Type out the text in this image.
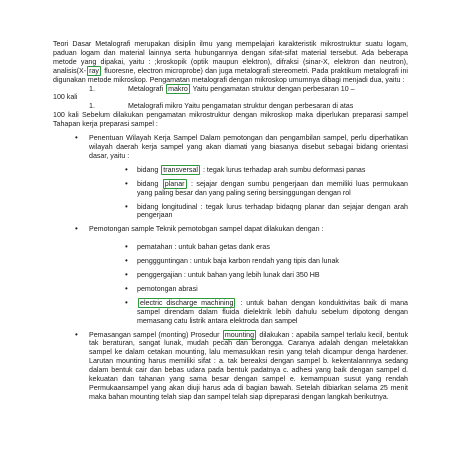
Teori Dasar Metalografi merupakan disiplin ilmu yang mempelajari karakteristik mikrostruktur suatu logam, paduan logam dan material lainnya serta hubungannya dengan sifat-sifat material tersebut. Ada beberapa metode yang dipakai, yaitu : ;kroskopik (optik maupun elektron), difraksi (sinar-X, elektron dan neutron), analisis(X- ray fluoresne, electron microprobe) dan juga metalografi stereometri. Pada praktikum metalografi ini digunakan metode mikroskop. Pengamatan metalografi dengan mikroskop umumnya dibagi menjadi dua, yaitu :

1.	Metalografi makro Yaitu pengamatan struktur dengan perbesaran 10 –

100 kali

1.	Metalografi mikro Yaitu pengamatan struktur dengan perbesaran di atas

100 kali Sebelum dilakukan pengamatan mikrostruktur dengan mikroskop maka diperlukan preparasi sampel Tahapan kerja preparasi sampel :

• Penentuan Wilayah Kerja Sampel Dalam pemotongan dan pengambilan sampel, perlu diperhatikan wilayah daerah kerja sampel yang akan diamati yang biasanya disebut sebagai bidang orientasi dasar, yaitu :

• bidang transversal : tegak lurus terhadap arah sumbu deformasi panas

• bidang planar : sejajar dengan sumbu pengerjaan dan memiliki luas permukaan yang paling besar dan yang paling sering bersinggungan dengan rol

• bidang longitudinal : tegak lurus terhadap bidaqng planar dan sejajar dengan arah pengerjaan

• Pemotongan sample Teknik pemotobgan sampel dapat dilakukan dengan :

• pematahan : untuk bahan getas dank eras

• penggguntingan : untuk baja karbon rendah yang tipis dan lunak

• penggergajian : untuk bahan yang lebih lunak dari 350 HB

• pemotongan abrasi

• electric discharge machining : untuk bahan dengan konduktivitas baik di mana sampel direndam dalam fluida dielektrik lebih dahulu sebelum dipotong dengan memasang catu listrik antara elektroda dan sampel

• Pemasangan sampel (monting) Prosedur mounting dilakukan : apabila sampel terlalu kecil, bentuk tak beraturan, sangat lunak, mudah pecah dan berongga. Caranya adalah dengan meletakkan sampel ke dalam cetakan mounting, lalu memasukkan resin yang telah dicampur denga hardener. Larutan mounting harus memiliki sifat : a. tak bereaksi dengan sampel b. kekentalannnya sedang dalam bentuk cair dan bebas udara pada bentuk padatnya c. adhesi yang baik dengan sampel d. kekuatan dan tahanan yang sama besar dengan sampel e. kemampuan susut yang rendah Permukaansampel yang akan diuji harus ada di bagian bawah. Setelah dibiarkan selama 25 menit maka bahan mounting telah siap dan sampel telah siap dipreparasi dengan langkah berikutnya.
